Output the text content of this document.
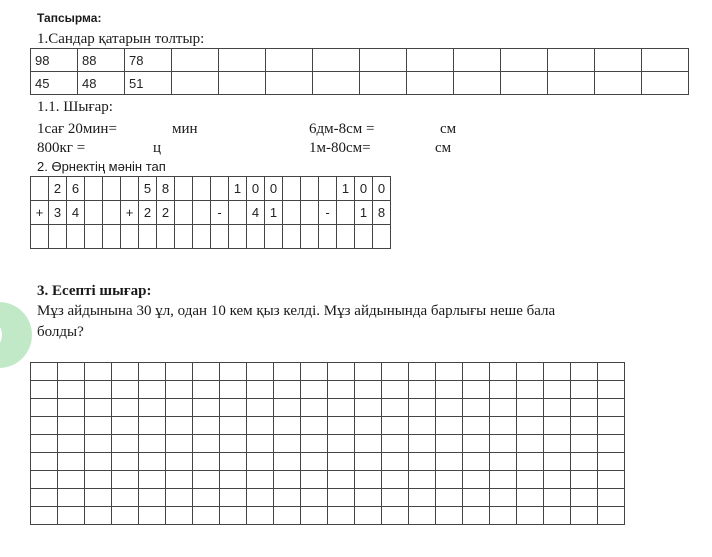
Тапсырма:
1.Сандар қатарын толтыр:
98	88	78											
45	48	51											
1.1. Шығар:
1сағ 20мин=	мин	6дм-8см =	см
800кг =	ц	1м-80см=	см
2. Өрнектің мәнін тап
	2	6				5	8				1	0	0				1	0	0
+	3	4			+	2	2			-		4	1			-		1	8

3. Есепті шығар:
Мұз айдынына 30 ұл, одан 10 кем қыз келді. Мұз айдынында барлығы неше бала
болды?
